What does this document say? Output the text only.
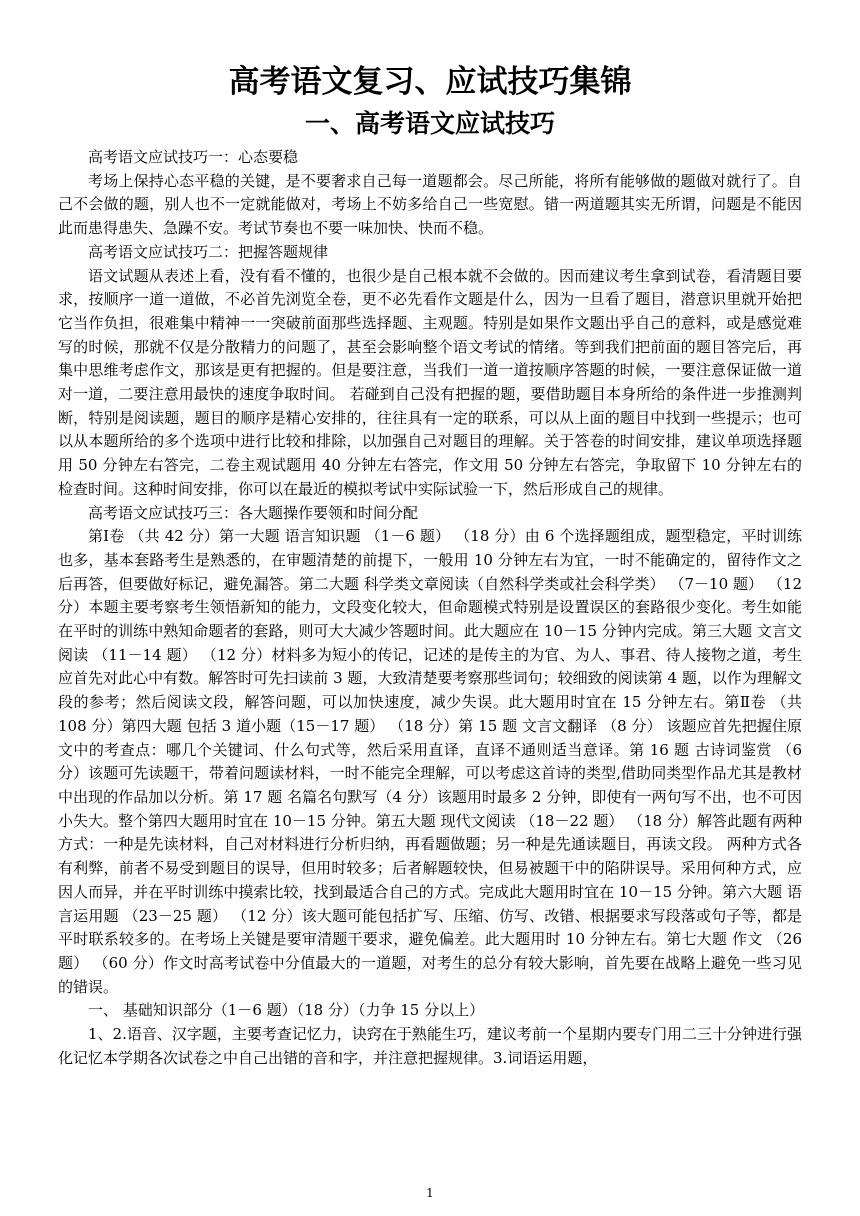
高考语文复习、应试技巧集锦
一、高考语文应试技巧

高考语文应试技巧一：心态要稳

考场上保持心态平稳的关键，是不要奢求自己每一道题都会。尽己所能，将所有能够做的题做对就行了。自己不会做的题，别人也不一定就能做对，考场上不妨多给自己一些宽慰。错一两道题其实无所谓，问题是不能因此而患得患失、急躁不安。考试节奏也不要一味加快、快而不稳。

高考语文应试技巧二：把握答题规律

语文试题从表述上看，没有看不懂的，也很少是自己根本就不会做的。因而建议考生拿到试卷，看清题目要求，按顺序一道一道做，不必首先浏览全卷，更不必先看作文题是什么，因为一旦看了题目，潜意识里就开始把它当作负担，很难集中精神一一突破前面那些选择题、主观题。特别是如果作文题出乎自己的意料，或是感觉难写的时候，那就不仅是分散精力的问题了，甚至会影响整个语文考试的情绪。等到我们把前面的题目答完后，再集中思维考虑作文，那该是更有把握的。但是要注意，当我们一道一道按顺序答题的时候，一要注意保证做一道对一道，二要注意用最快的速度争取时间。 若碰到自己没有把握的题，要借助题目本身所给的条件进一步推测判断，特别是阅读题，题目的顺序是精心安排的，往往具有一定的联系，可以从上面的题目中找到一些提示；也可以从本题所给的多个选项中进行比较和排除，以加强自己对题目的理解。关于答卷的时间安排，建议单项选择题用 50 分钟左右答完，二卷主观试题用 40 分钟左右答完，作文用 50 分钟左右答完，争取留下 10 分钟左右的检查时间。这种时间安排，你可以在最近的模拟考试中实际试验一下，然后形成自己的规律。

高考语文应试技巧三：各大题操作要领和时间分配

第Ⅰ卷 （共 42 分）第一大题 语言知识题 （1－6 题） （18 分）由 6 个选择题组成，题型稳定，平时训练也多，基本套路考生是熟悉的，在审题清楚的前提下，一般用 10 分钟左右为宜，一时不能确定的，留待作文之后再答，但要做好标记，避免漏答。第二大题 科学类文章阅读（自然科学类或社会科学类） （7－10 题） （12 分）本题主要考察考生领悟新知的能力，文段变化较大，但命题模式特别是设置误区的套路很少变化。考生如能在平时的训练中熟知命题者的套路，则可大大减少答题时间。此大题应在 10－15 分钟内完成。第三大题 文言文阅读 （11－14 题） （12 分）材料多为短小的传记，记述的是传主的为官、为人、事君、待人接物之道，考生应首先对此心中有数。解答时可先扫读前 3 题，大致清楚要考察那些词句；较细致的阅读第 4 题，以作为理解文段的参考；然后阅读文段，解答问题，可以加快速度，减少失误。此大题用时宜在 15 分钟左右。第Ⅱ卷 （共 108 分）第四大题 包括 3 道小题（15－17 题） （18 分）第 15 题 文言文翻译 （8 分） 该题应首先把握住原文中的考查点：哪几个关键词、什么句式等，然后采用直译，直译不通则适当意译。第 16 题 古诗词鉴赏 （6 分）该题可先读题干，带着问题读材料，一时不能完全理解，可以考虑这首诗的类型,借助同类型作品尤其是教材中出现的作品加以分析。第 17 题 名篇名句默写（4 分）该题用时最多 2 分钟，即使有一两句写不出，也不可因小失大。整个第四大题用时宜在 10－15 分钟。第五大题 现代文阅读 （18－22 题） （18 分）解答此题有两种方式：一种是先读材料，自己对材料进行分析归纳，再看题做题；另一种是先通读题目，再读文段。 两种方式各有利弊，前者不易受到题目的误导，但用时较多；后者解题较快，但易被题干中的陷阱误导。采用何种方式，应因人而异，并在平时训练中摸索比较，找到最适合自己的方式。完成此大题用时宜在 10－15 分钟。第六大题 语言运用题 （23－25 题） （12 分）该大题可能包括扩写、压缩、仿写、改错、根据要求写段落或句子等，都是平时联系较多的。在考场上关键是要审清题干要求，避免偏差。此大题用时 10 分钟左右。第七大题 作文 （26 题） （60 分）作文时高考试卷中分值最大的一道题，对考生的总分有较大影响，首先要在战略上避免一些习见的错误。

一、 基础知识部分（1－6 题）（18 分）（力争 15 分以上）

1、2.语音、汉字题，主要考查记忆力，诀窍在于熟能生巧，建议考前一个星期内要专门用二三十分钟进行强化记忆本学期各次试卷之中自己出错的音和字，并注意把握规律。3.词语运用题，

1
